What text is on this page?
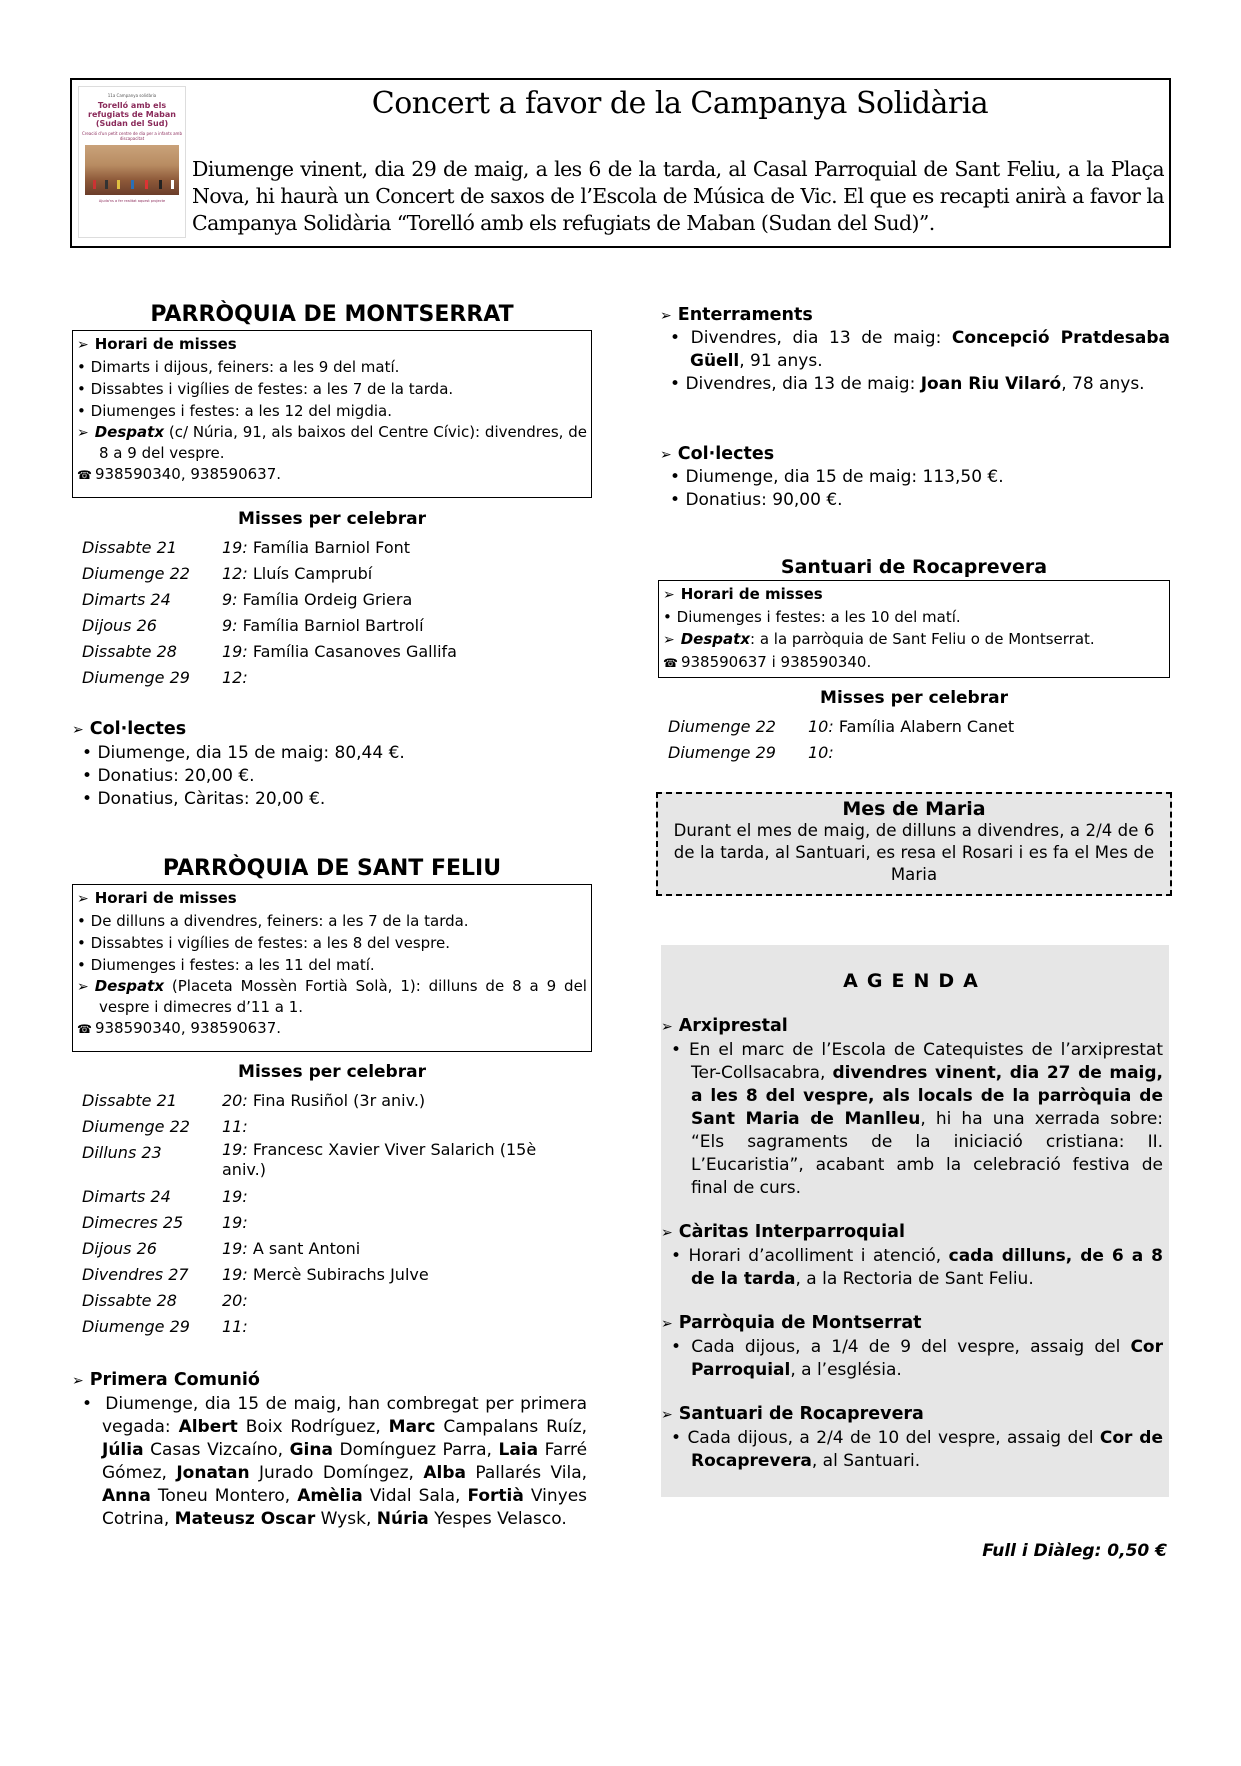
11a Campanya solidària
Torelló amb els refugiats de Maban (Sudan del Sud)
Creació d'un petit centre de dia per a infants amb discapacitat
Ajuda'ns a fer realitat aquest projecte
Concert a favor de la Campanya Solidària
Diumenge vinent, dia 29 de maig, a les 6 de la tarda, al Casal Parroquial de Sant Feliu, a la Plaça Nova, hi haurà un Concert de saxos de l’Escola de Música de Vic. El que es recapti anirà a favor la Campanya Solidària “Torelló amb els refugiats de Maban (Sudan del Sud)”.
PARRÒQUIA DE MONTSERRAT
➢ Horari de misses
• Dimarts i dijous, feiners: a les 9 del matí.
• Dissabtes i vigílies de festes: a les 7 de la tarda.
• Diumenges i festes: a les 12 del migdia.
➢ Despatx (c/ Núria, 91, als baixos del Centre Cívic): divendres, de 8 a 9 del vespre.
☎ 938590340, 938590637.
Misses per celebrar
Dissabte 21	19: Família Barniol Font
Diumenge 22	12: Lluís Camprubí
Dimarts 24	9: Família Ordeig Griera
Dijous 26	9: Família Barniol Bartrolí
Dissabte 28	19: Família Casanoves Gallifa
Diumenge 29	12:
➢ Col·lectes
• Diumenge, dia 15 de maig: 80,44 €.
• Donatius: 20,00 €.
• Donatius, Càritas: 20,00 €.
PARRÒQUIA DE SANT FELIU
➢ Horari de misses
• De dilluns a divendres, feiners: a les 7 de la tarda.
• Dissabtes i vigílies de festes: a les 8 del vespre.
• Diumenges i festes: a les 11 del matí.
➢ Despatx (Placeta Mossèn Fortià Solà, 1): dilluns de 8 a 9 del vespre i dimecres d’11 a 1.
☎ 938590340, 938590637.
Misses per celebrar
Dissabte 21	20: Fina Rusiñol (3r aniv.)
Diumenge 22	11:
Dilluns 23	19: Francesc Xavier Viver Salarich (15è aniv.)
Dimarts 24	19:
Dimecres 25	19:
Dijous 26	19: A sant Antoni
Divendres 27	19: Mercè Subirachs Julve
Dissabte 28	20:
Diumenge 29	11:
➢ Primera Comunió
• Diumenge, dia 15 de maig, han combregat per primera vegada: Albert Boix Rodríguez, Marc Campalans Ruíz, Júlia Casas Vizcaíno, Gina Domínguez Parra, Laia Farré Gómez, Jonatan Jurado Domíngez, Alba Pallarés Vila, Anna Toneu Montero, Amèlia Vidal Sala, Fortià Vinyes Cotrina, Mateusz Oscar Wysk, Núria Yespes Velasco.
➢ Enterraments
• Divendres, dia 13 de maig: Concepció Pratdesaba Güell, 91 anys.
• Divendres, dia 13 de maig: Joan Riu Vilaró, 78 anys.
➢ Col·lectes
• Diumenge, dia 15 de maig: 113,50 €.
• Donatius: 90,00 €.
Santuari de Rocaprevera
➢ Horari de misses
• Diumenges i festes: a les 10 del matí.
➢ Despatx: a la parròquia de Sant Feliu o de Montserrat.
☎ 938590637 i 938590340.
Misses per celebrar
Diumenge 22	10: Família Alabern Canet
Diumenge 29	10:
Mes de Maria
Durant el mes de maig, de dilluns a divendres, a 2/4 de 6 de la tarda, al Santuari, es resa el Rosari i es fa el Mes de Maria
AGENDA
➢ Arxiprestal
• En el marc de l’Escola de Catequistes de l’arxiprestat Ter-Collsacabra, divendres vinent, dia 27 de maig, a les 8 del vespre, als locals de la parròquia de Sant Maria de Manlleu, hi ha una xerrada sobre: “Els sagraments de la iniciació cristiana: II. L’Eucaristia”, acabant amb la celebració festiva de final de curs.
➢ Càritas Interparroquial
• Horari d’acolliment i atenció, cada dilluns, de 6 a 8 de la tarda, a la Rectoria de Sant Feliu.
➢ Parròquia de Montserrat
• Cada dijous, a 1/4 de 9 del vespre, assaig del Cor Parroquial, a l’església.
➢ Santuari de Rocaprevera
• Cada dijous, a 2/4 de 10 del vespre, assaig del Cor de Rocaprevera, al Santuari.
Full i Diàleg: 0,50 €
